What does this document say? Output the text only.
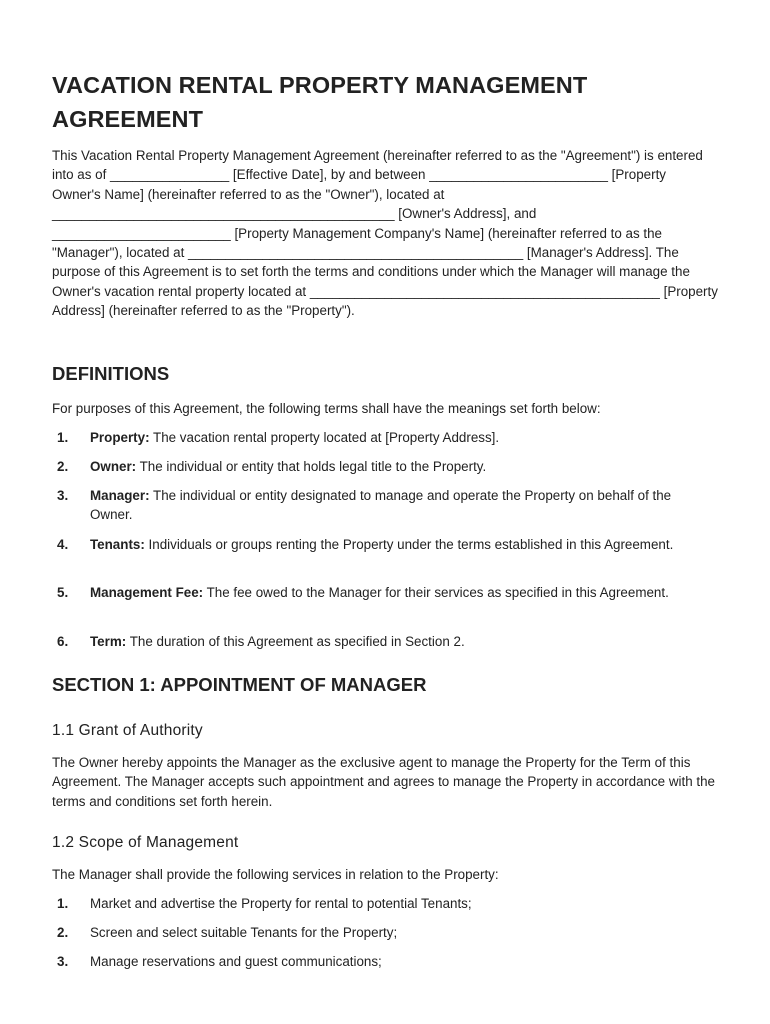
VACATION RENTAL PROPERTY MANAGEMENT AGREEMENT

This Vacation Rental Property Management Agreement (hereinafter referred to as the "Agreement") is entered into as of ________________ [Effective Date], by and between ________________________ [Property Owner's Name] (hereinafter referred to as the "Owner"), located at ______________________________________________ [Owner's Address], and ________________________ [Property Management Company's Name] (hereinafter referred to as the "Manager"), located at _____________________________________________ [Manager's Address]. The purpose of this Agreement is to set forth the terms and conditions under which the Manager will manage the Owner's vacation rental property located at _______________________________________________ [Property Address] (hereinafter referred to as the "Property").

DEFINITIONS

For purposes of this Agreement, the following terms shall have the meanings set forth below:

1. Property: The vacation rental property located at [Property Address].
2. Owner: The individual or entity that holds legal title to the Property.
3. Manager: The individual or entity designated to manage and operate the Property on behalf of the Owner.
4. Tenants: Individuals or groups renting the Property under the terms established in this Agreement.
5. Management Fee: The fee owed to the Manager for their services as specified in this Agreement.
6. Term: The duration of this Agreement as specified in Section 2.
SECTION 1: APPOINTMENT OF MANAGER
1.1 Grant of Authority

The Owner hereby appoints the Manager as the exclusive agent to manage the Property for the Term of this Agreement. The Manager accepts such appointment and agrees to manage the Property in accordance with the terms and conditions set forth herein.

1.2 Scope of Management

The Manager shall provide the following services in relation to the Property:

1. Market and advertise the Property for rental to potential Tenants;
2. Screen and select suitable Tenants for the Property;
3. Manage reservations and guest communications;
